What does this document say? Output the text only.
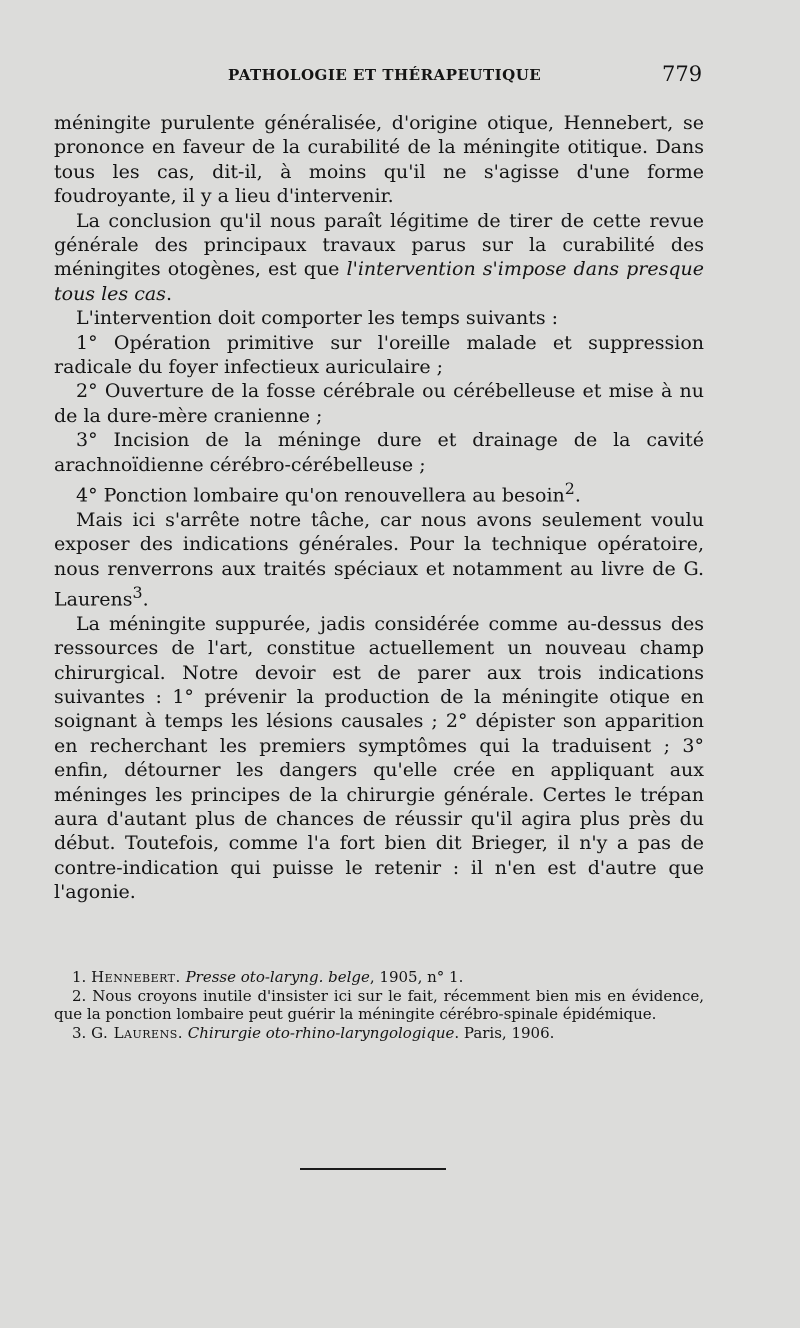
PATHOLOGIE ET THÉRAPEUTIQUE	779

méningite purulente généralisée, d'origine otique, Hennebert, se prononce en faveur de la curabilité de la méningite otitique. Dans tous les cas, dit-il, à moins qu'il ne s'agisse d'une forme foudroyante, il y a lieu d'intervenir.

La conclusion qu'il nous paraît légitime de tirer de cette revue générale des principaux travaux parus sur la curabilité des méningites otogènes, est que l'intervention s'impose dans presque tous les cas.

L'intervention doit comporter les temps suivants :

1° Opération primitive sur l'oreille malade et suppression radicale du foyer infectieux auriculaire ;

2° Ouverture de la fosse cérébrale ou cérébelleuse et mise à nu de la dure-mère cranienne ;

3° Incision de la méninge dure et drainage de la cavité arachnoïdienne cérébro-cérébelleuse ;

4° Ponction lombaire qu'on renouvellera au besoin$^2$.

Mais ici s'arrête notre tâche, car nous avons seulement voulu exposer des indications générales. Pour la technique opératoire, nous renverrons aux traités spéciaux et notamment au livre de G. Laurens$^3$.

La méningite suppurée, jadis considérée comme au-dessus des ressources de l'art, constitue actuellement un nouveau champ chirurgical. Notre devoir est de parer aux trois indications suivantes : 1° prévenir la production de la méningite otique en soignant à temps les lésions causales ; 2° dépister son apparition en recherchant les premiers symptômes qui la traduisent ; 3° enfin, détourner les dangers qu'elle crée en appliquant aux méninges les principes de la chirurgie générale. Certes le trépan aura d'autant plus de chances de réussir qu'il agira plus près du début. Toutefois, comme l'a fort bien dit Brieger, il n'y a pas de contre-indication qui puisse le retenir : il n'en est d'autre que l'agonie.

1. Hennebert. Presse oto-laryng. belge, 1905, n° 1.

2. Nous croyons inutile d'insister ici sur le fait, récemment bien mis en évidence, que la ponction lombaire peut guérir la méningite cérébro-spinale épidémique.

3. G. Laurens. Chirurgie oto-rhino-laryngologique. Paris, 1906.
